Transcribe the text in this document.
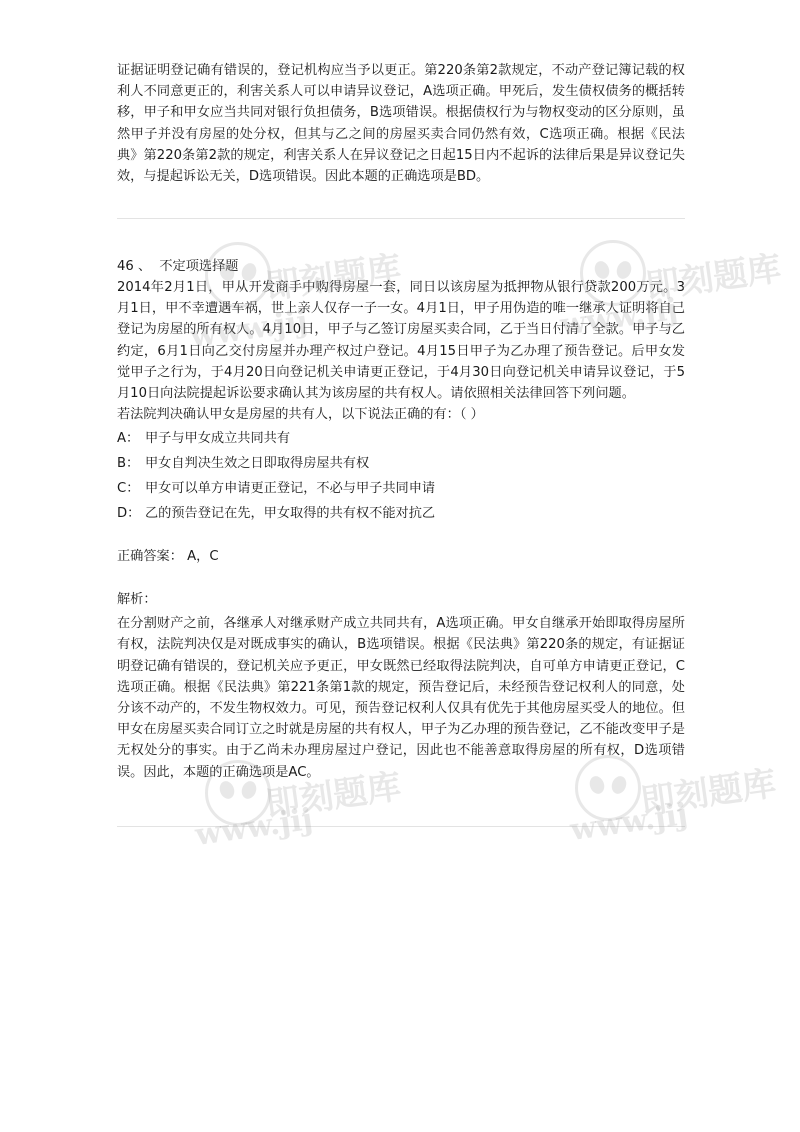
证据证明登记确有错误的，登记机构应当予以更正。第220条第2款规定，不动产登记簿记载的权利人不同意更正的，利害关系人可以申请异议登记，A选项正确。甲死后，发生债权债务的概括转移，甲子和甲女应当共同对银行负担债务，B选项错误。根据债权行为与物权变动的区分原则，虽然甲子并没有房屋的处分权，但其与乙之间的房屋买卖合同仍然有效，C选项正确。根据《民法典》第220条第2款的规定，利害关系人在异议登记之日起15日内不起诉的法律后果是异议登记失效，与提起诉讼无关，D选项错误。因此本题的正确选项是BD。

46 、 不定项选择题

2014年2月1日，甲从开发商手中购得房屋一套，同日以该房屋为抵押物从银行贷款200万元。3月1日，甲不幸遭遇车祸，世上亲人仅存一子一女。4月1日，甲子用伪造的唯一继承人证明将自己登记为房屋的所有权人。4月10日，甲子与乙签订房屋买卖合同，乙于当日付清了全款。甲子与乙约定，6月1日向乙交付房屋并办理产权过户登记。4月15日甲子为乙办理了预告登记。后甲女发觉甲子之行为，于4月20日向登记机关申请更正登记，于4月30日向登记机关申请异议登记，于5月10日向法院提起诉讼要求确认其为该房屋的共有权人。请依照相关法律回答下列问题。

若法院判决确认甲女是房屋的共有人，以下说法正确的有：（ ）

A： 甲子与甲女成立共同共有

B： 甲女自判决生效之日即取得房屋共有权

C： 甲女可以单方申请更正登记，不必与甲子共同申请

D： 乙的预告登记在先，甲女取得的共有权不能对抗乙

正确答案： A，C

解析：

在分割财产之前，各继承人对继承财产成立共同共有，A选项正确。甲女自继承开始即取得房屋所有权，法院判决仅是对既成事实的确认，B选项错误。根据《民法典》第220条的规定，有证据证明登记确有错误的，登记机关应予更正，甲女既然已经取得法院判决，自可单方申请更正登记，C选项正确。根据《民法典》第221条第1款的规定，预告登记后，未经预告登记权利人的同意，处分该不动产的，不发生物权效力。可见，预告登记权利人仅具有优先于其他房屋买受人的地位。但甲女在房屋买卖合同订立之时就是房屋的共有权人，甲子为乙办理的预告登记，乙不能改变甲子是无权处分的事实。由于乙尚未办理房屋过户登记，因此也不能善意取得房屋的所有权，D选项错误。因此，本题的正确选项是AC。

即刻题库	即刻题库
www.jij	www.jij
即刻题库	即刻题库
www.jij	www.jij
